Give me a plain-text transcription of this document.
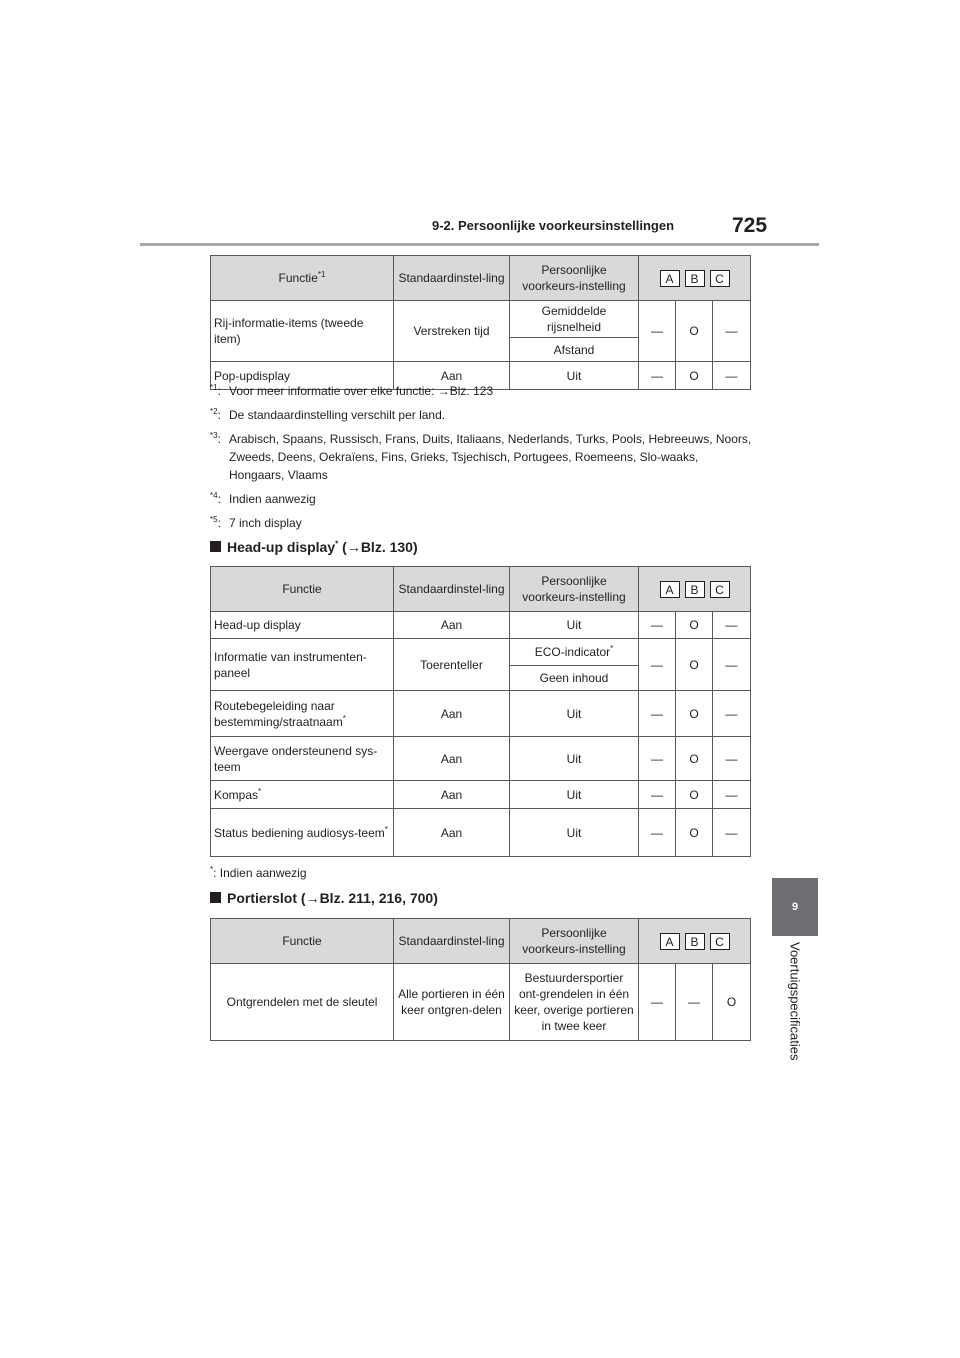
9-2. Persoonlijke voorkeursinstellingen	725
9
Voertuigspecificaties
Functie$^{*1}$	Standaardinstel-ling	Persoonlijke voorkeurs-instelling	A B C		

Rij-informatie-items (tweede item)	Verstreken tijd	Gemiddelde rijsnelheid	—	O	—
		Afstand			
Pop-updisplay	Aan	Uit	—	O	—
$^{*1}$: Voor meer informatie over elke functie: →Blz. 123
$^{*2}$: De standaardinstelling verschilt per land.
$^{*3}$: Arabisch, Spaans, Russisch, Frans, Duits, Italiaans, Nederlands, Turks, Pools, Hebreeuws, Noors, Zweeds, Deens, Oekraïens, Fins, Grieks, Tsjechisch, Portugees, Roemeens, Slo-waaks, Hongaars, Vlaams
$^{*4}$: Indien aanwezig
$^{*5}$: 7 inch display
Head-up display* (→Blz. 130)
Functie	Standaardinstel-ling	Persoonlijke voorkeurs-instelling	A B C		

Head-up display	Aan	Uit	—	O	—
Informatie van instrumenten-paneel	Toerenteller	ECO-indicator*	—	O	—
		Geen inhoud			
Routebegeleiding naar bestemming/straatnaam*	Aan	Uit	—	O	—
Weergave ondersteunend sys-teem	Aan	Uit	—	O	—
Kompas*	Aan	Uit	—	O	—
Status bediening audiosys-teem*	Aan	Uit	—	O	—
*: Indien aanwezig
Portierslot (→Blz. 211, 216, 700)
Functie	Standaardinstel-ling	Persoonlijke voorkeurs-instelling	A B C		

Ontgrendelen met de sleutel	Alle portieren in één keer ontgren-delen	Bestuurdersportier ont-grendelen in één keer, overige portieren in twee keer	—	—	O
